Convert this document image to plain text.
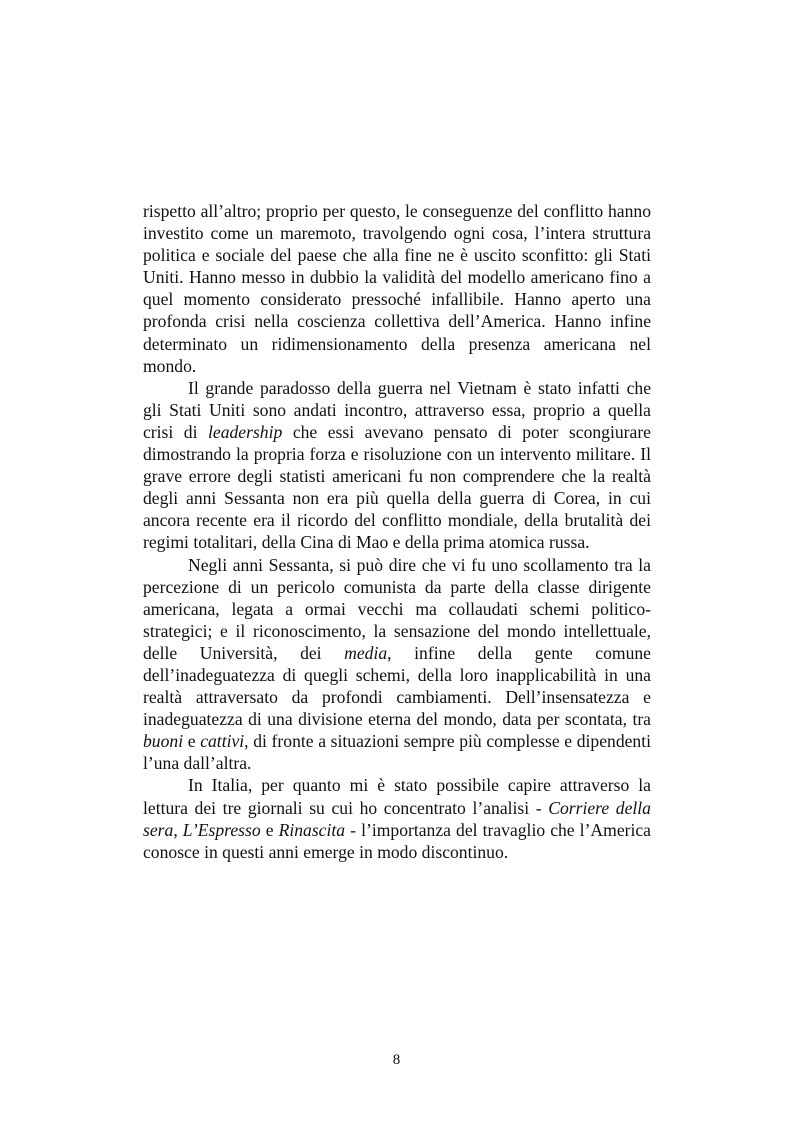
rispetto all’altro; proprio per questo, le conseguenze del conflitto hanno investito come un maremoto, travolgendo ogni cosa, l’intera struttura politica e sociale del paese che alla fine ne è uscito sconfitto: gli Stati Uniti. Hanno messo in dubbio la validità del modello americano fino a quel momento considerato pressoché infallibile. Hanno aperto una profonda crisi nella coscienza collettiva dell’America. Hanno infine determinato un ridimensionamento della presenza americana nel mondo.

Il grande paradosso della guerra nel Vietnam è stato infatti che gli Stati Uniti sono andati incontro, attraverso essa, proprio a quella crisi di leadership che essi avevano pensato di poter scongiurare dimostrando la propria forza e risoluzione con un intervento militare. Il grave errore degli statisti americani fu non comprendere che la realtà degli anni Sessanta non era più quella della guerra di Corea, in cui ancora recente era il ricordo del conflitto mondiale, della brutalità dei regimi totalitari, della Cina di Mao e della prima atomica russa.

Negli anni Sessanta, si può dire che vi fu uno scollamento tra la percezione di un pericolo comunista da parte della classe dirigente americana, legata a ormai vecchi ma collaudati schemi politico-strategici; e il riconoscimento, la sensazione del mondo intellettuale, delle Università, dei media, infine della gente comune dell’inadeguatezza di quegli schemi, della loro inapplicabilità in una realtà attraversato da profondi cambiamenti. Dell’insensatezza e inadeguatezza di una divisione eterna del mondo, data per scontata, tra buoni e cattivi, di fronte a situazioni sempre più complesse e dipendenti l’una dall’altra.

In Italia, per quanto mi è stato possibile capire attraverso la lettura dei tre giornali su cui ho concentrato l’analisi - Corriere della sera, L’Espresso e Rinascita - l’importanza del travaglio che l’America conosce in questi anni emerge in modo discontinuo.

8
